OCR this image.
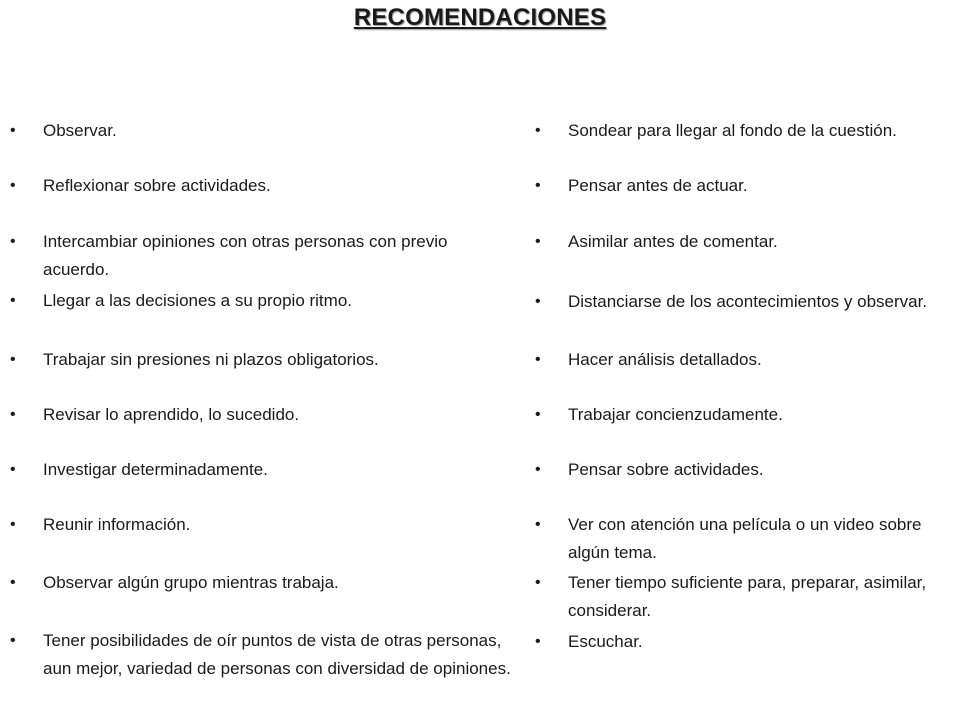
RECOMENDACIONES
•	Observar.
•	Reflexionar sobre actividades.
•	Intercambiar opiniones con otras personas con previo acuerdo.
•	Llegar a las decisiones a su propio ritmo.
•	Trabajar sin presiones ni plazos obligatorios.
•	Revisar lo aprendido, lo sucedido.
•	Investigar determinadamente.
•	Reunir información.
•	Observar algún grupo mientras trabaja.
•	Tener posibilidades de oír puntos de vista de otras personas, aun mejor, variedad de personas con diversidad de opiniones.
•	Sondear para llegar al fondo de la cuestión.
•	Pensar antes de actuar.
•	Asimilar antes de comentar.
•	Distanciarse de los acontecimientos y observar.
•	Hacer análisis detallados.
•	Trabajar concienzudamente.
•	Pensar sobre actividades.
•	Ver con atención una película o un video sobre algún tema.
•	Tener tiempo suficiente para, preparar, asimilar, considerar.
•	Escuchar.
